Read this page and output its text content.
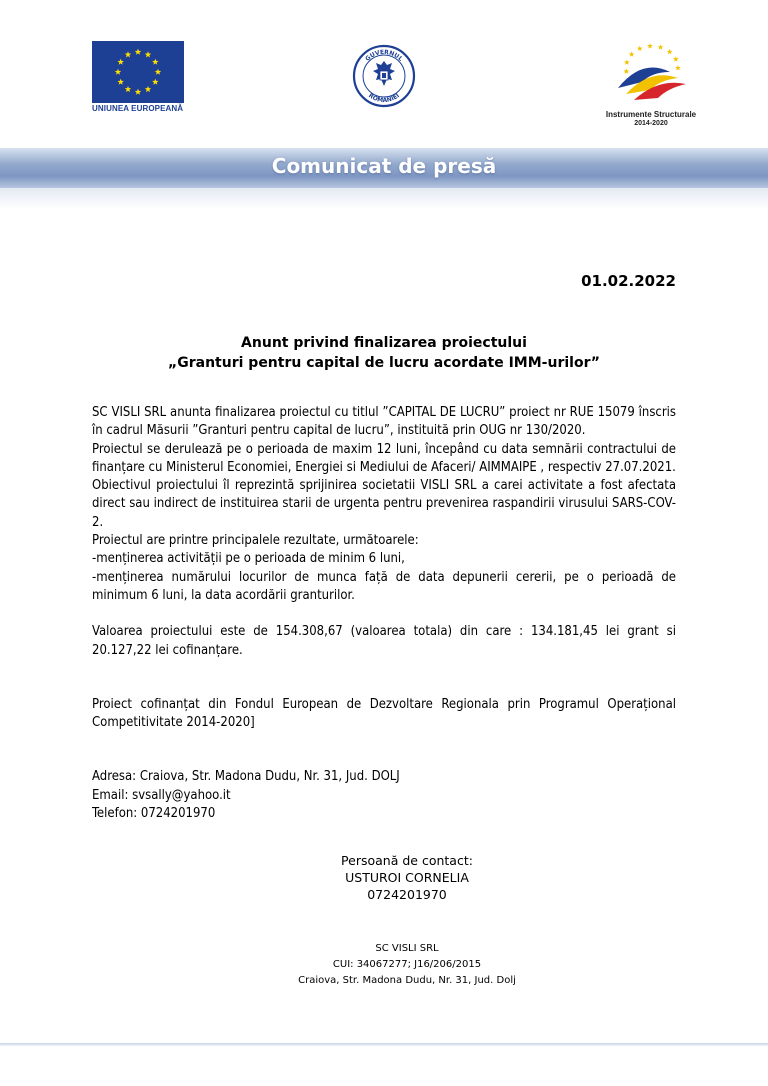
UNIUNEA EUROPEANĂ
GUVERNUL
ROMÂNIEI
Instrumente Structurale
2014-2020
Comunicat de presă
01.02.2022
Anunt privind finalizarea proiectului
„Granturi pentru capital de lucru acordate IMM-urilor”

SC VISLI SRL anunta finalizarea proiectul cu titlul ”CAPITAL DE LUCRU” proiect nr RUE 15079 înscris în cadrul Măsurii ”Granturi pentru capital de lucru”, instituită prin OUG nr 130/2020.

Proiectul se derulează pe o perioada de maxim 12 luni, începând cu data semnării contractului de finanțare cu Ministerul Economiei, Energiei si Mediului de Afaceri/ AIMMAIPE , respectiv 27.07.2021.

Obiectivul proiectului îl reprezintă sprijinirea societatii VISLI SRL a carei activitate a fost afectata direct sau indirect de instituirea starii de urgenta pentru prevenirea raspandirii virusului SARS-COV-2.

Proiectul are printre principalele rezultate, următoarele:

-menținerea activității pe o perioada de minim 6 luni,

-menținerea numărului locurilor de munca față de data depunerii cererii, pe o perioadă de minimum 6 luni, la data acordării granturilor.

Valoarea proiectului este de 154.308,67 (valoarea totala) din care : 134.181,45 lei grant si 20.127,22 lei cofinanțare.

Proiect cofinanțat din Fondul European de Dezvoltare Regionala prin Programul Operațional Competitivitate 2014-2020]

Adresa: Craiova, Str. Madona Dudu, Nr. 31, Jud. DOLJ

Email: svsally@yahoo.it

Telefon: 0724201970

Persoană de contact:

USTUROI CORNELIA

0724201970

SC VISLI SRL

CUI: 34067277; J16/206/2015

Craiova, Str. Madona Dudu, Nr. 31, Jud. Dolj
